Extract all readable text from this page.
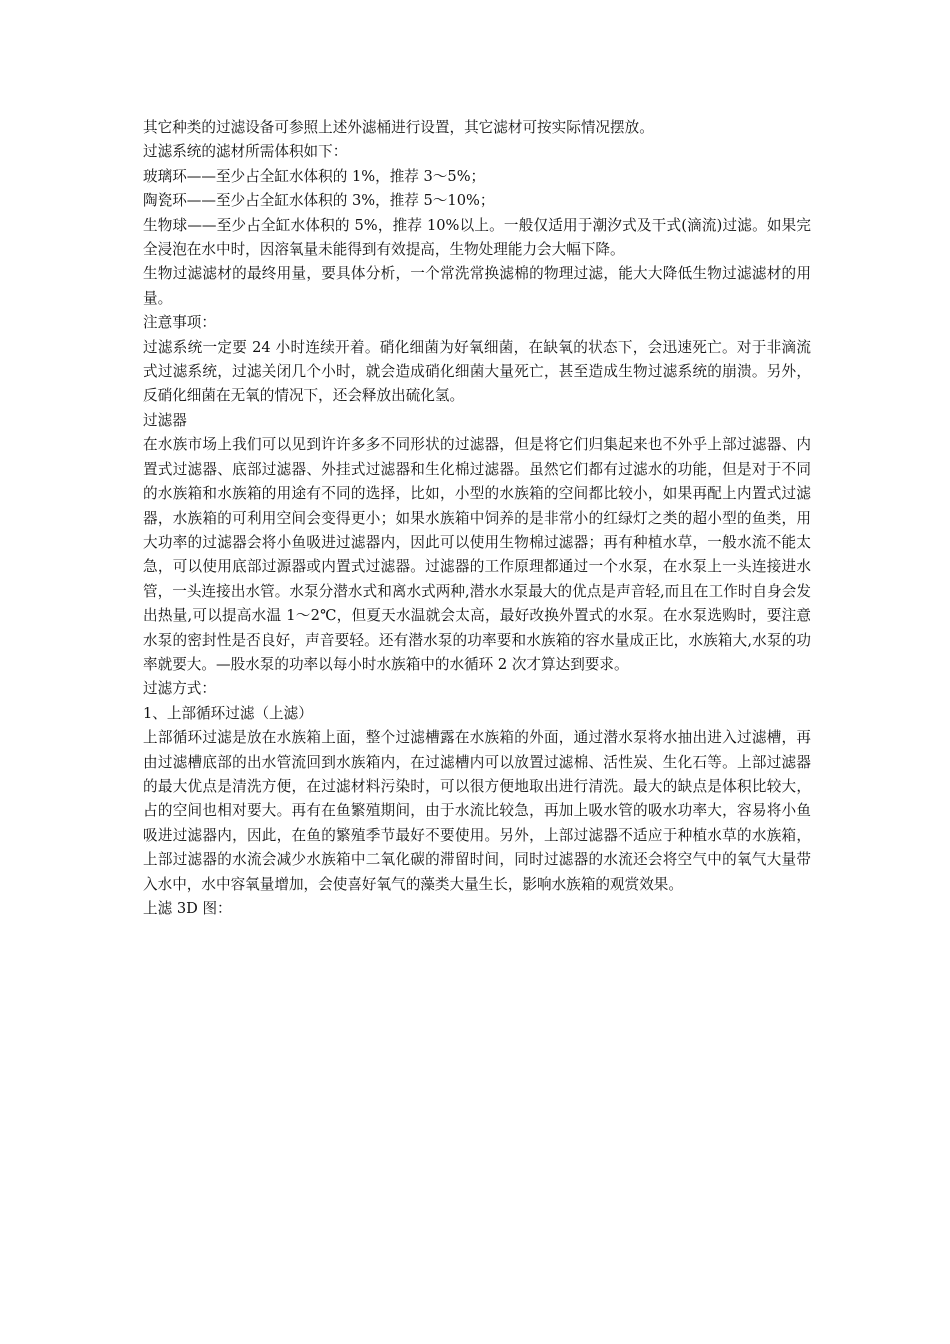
其它种类的过滤设备可参照上述外滤桶进行设置，其它滤材可按实际情况摆放。

过滤系统的滤材所需体积如下：

玻璃环——至少占全缸水体积的 1%，推荐 3～5%；

陶瓷环——至少占全缸水体积的 3%，推荐 5～10%；

生物球——至少占全缸水体积的 5%，推荐 10%以上。一般仅适用于潮汐式及干式(滴流)过滤。如果完全浸泡在水中时，因溶氧量未能得到有效提高，生物处理能力会大幅下降。

生物过滤滤材的最终用量，要具体分析，一个常洗常换滤棉的物理过滤，能大大降低生物过滤滤材的用量。

注意事项：

过滤系统一定要 24 小时连续开着。硝化细菌为好氧细菌，在缺氧的状态下，会迅速死亡。对于非滴流式过滤系统，过滤关闭几个小时，就会造成硝化细菌大量死亡，甚至造成生物过滤系统的崩溃。另外，反硝化细菌在无氧的情况下，还会释放出硫化氢。

过滤器

在水族市场上我们可以见到许许多多不同形状的过滤器，但是将它们归集起来也不外乎上部过滤器、内置式过滤器、底部过滤器、外挂式过滤器和生化棉过滤器。虽然它们都有过滤水的功能，但是对于不同的水族箱和水族箱的用途有不同的选择，比如，小型的水族箱的空间都比较小，如果再配上内置式过滤器，水族箱的可利用空间会变得更小；如果水族箱中饲养的是非常小的红绿灯之类的超小型的鱼类，用大功率的过滤器会将小鱼吸进过滤器内，因此可以使用生物棉过滤器；再有种植水草，一般水流不能太急，可以使用底部过源器或内置式过滤器。过滤器的工作原理都通过一个水泵，在水泵上一头连接进水管，一头连接出水管。水泵分潜水式和离水式两种,潜水水泵最大的优点是声音轻,而且在工作时自身会发出热量,可以提高水温 1～2℃，但夏天水温就会太高，最好改换外置式的水泵。在水泵选购时，要注意水泵的密封性是否良好，声音要轻。还有潜水泵的功率要和水族箱的容水量成正比，水族箱大,水泵的功率就要大。—股水泵的功率以每小时水族箱中的水循环 2 次才算达到要求。

过滤方式：

1、上部循环过滤（上滤）

上部循环过滤是放在水族箱上面，整个过滤槽露在水族箱的外面，通过潜水泵将水抽出进入过滤槽，再由过滤槽底部的出水管流回到水族箱内，在过滤槽内可以放置过滤棉、活性炭、生化石等。上部过滤器的最大优点是清洗方便，在过滤材料污染时，可以很方便地取出进行清洗。最大的缺点是体积比较大，占的空间也相对要大。再有在鱼繁殖期间，由于水流比较急，再加上吸水管的吸水功率大，容易将小鱼吸进过滤器内，因此，在鱼的繁殖季节最好不要使用。另外，上部过滤器不适应于种植水草的水族箱，上部过滤器的水流会减少水族箱中二氧化碳的滞留时间，同时过滤器的水流还会将空气中的氧气大量带入水中，水中容氧量增加，会使喜好氧气的藻类大量生长，影响水族箱的观赏效果。

上滤 3D 图：
